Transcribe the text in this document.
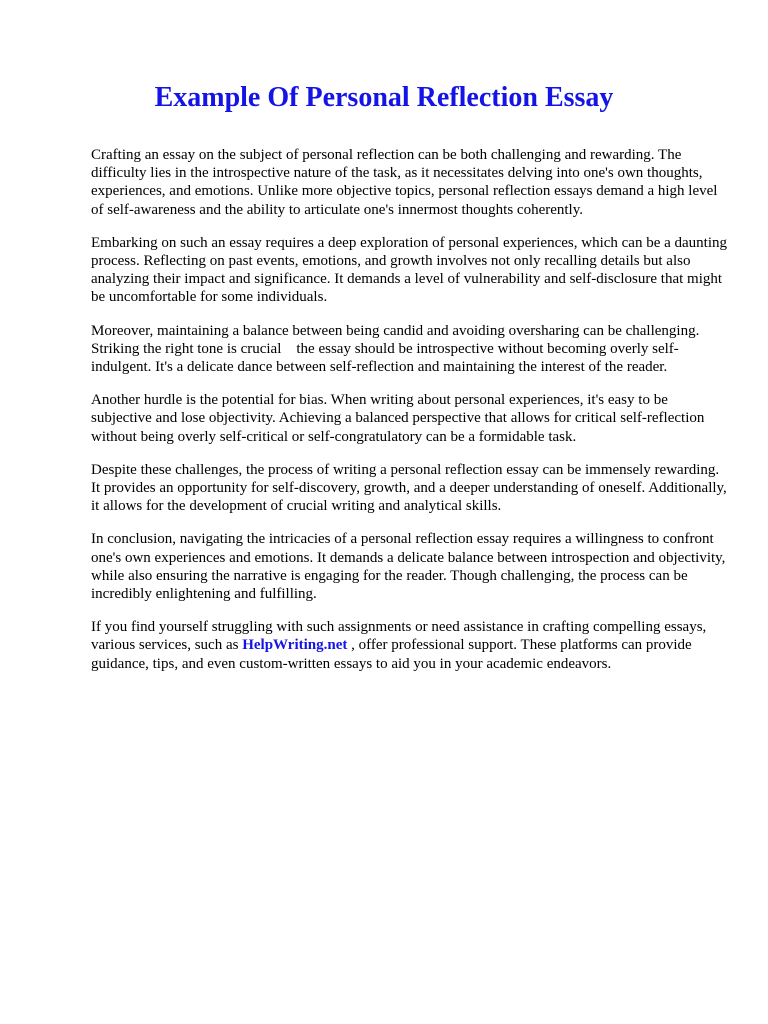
Example Of Personal Reflection Essay

Crafting an essay on the subject of personal reflection can be both challenging and rewarding. The difficulty lies in the introspective nature of the task, as it necessitates delving into one's own thoughts, experiences, and emotions. Unlike more objective topics, personal reflection essays demand a high level of self-awareness and the ability to articulate one's innermost thoughts coherently.

Embarking on such an essay requires a deep exploration of personal experiences, which can be a daunting process. Reflecting on past events, emotions, and growth involves not only recalling details but also analyzing their impact and significance. It demands a level of vulnerability and self-disclosure that might be uncomfortable for some individuals.

Moreover, maintaining a balance between being candid and avoiding oversharing can be challenging. Striking the right tone is crucial    the essay should be introspective without becoming overly self-indulgent. It's a delicate dance between self-reflection and maintaining the interest of the reader.

Another hurdle is the potential for bias. When writing about personal experiences, it's easy to be subjective and lose objectivity. Achieving a balanced perspective that allows for critical self-reflection without being overly self-critical or self-congratulatory can be a formidable task.

Despite these challenges, the process of writing a personal reflection essay can be immensely rewarding. It provides an opportunity for self-discovery, growth, and a deeper understanding of oneself. Additionally, it allows for the development of crucial writing and analytical skills.

In conclusion, navigating the intricacies of a personal reflection essay requires a willingness to confront one's own experiences and emotions. It demands a delicate balance between introspection and objectivity, while also ensuring the narrative is engaging for the reader. Though challenging, the process can be incredibly enlightening and fulfilling.

If you find yourself struggling with such assignments or need assistance in crafting compelling essays, various services, such as HelpWriting.net , offer professional support. These platforms can provide guidance, tips, and even custom-written essays to aid you in your academic endeavors.
